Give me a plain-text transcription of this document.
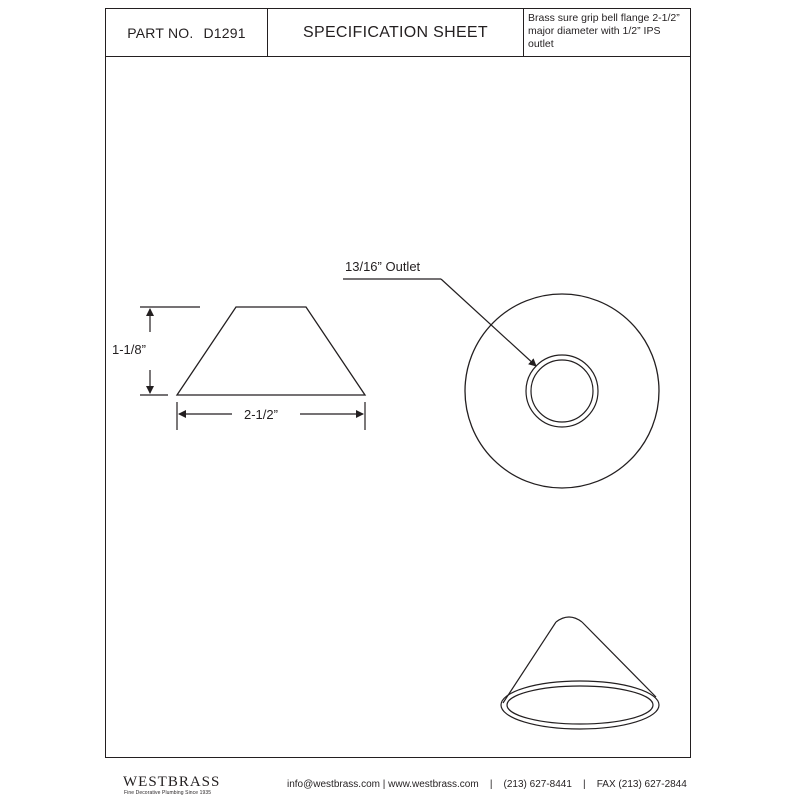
PART NO. D1291	SPECIFICATION SHEET
Brass sure grip bell flange 2-1/2” major diameter with 1/2” IPS outlet
1-1/8”
2-1/2”
13/16” Outlet
WESTBRASS
Fine Decorative Plumbing Since 1935
info@westbrass.com | www.westbrass.com    |    (213) 627-8441    |    FAX (213) 627-2844
